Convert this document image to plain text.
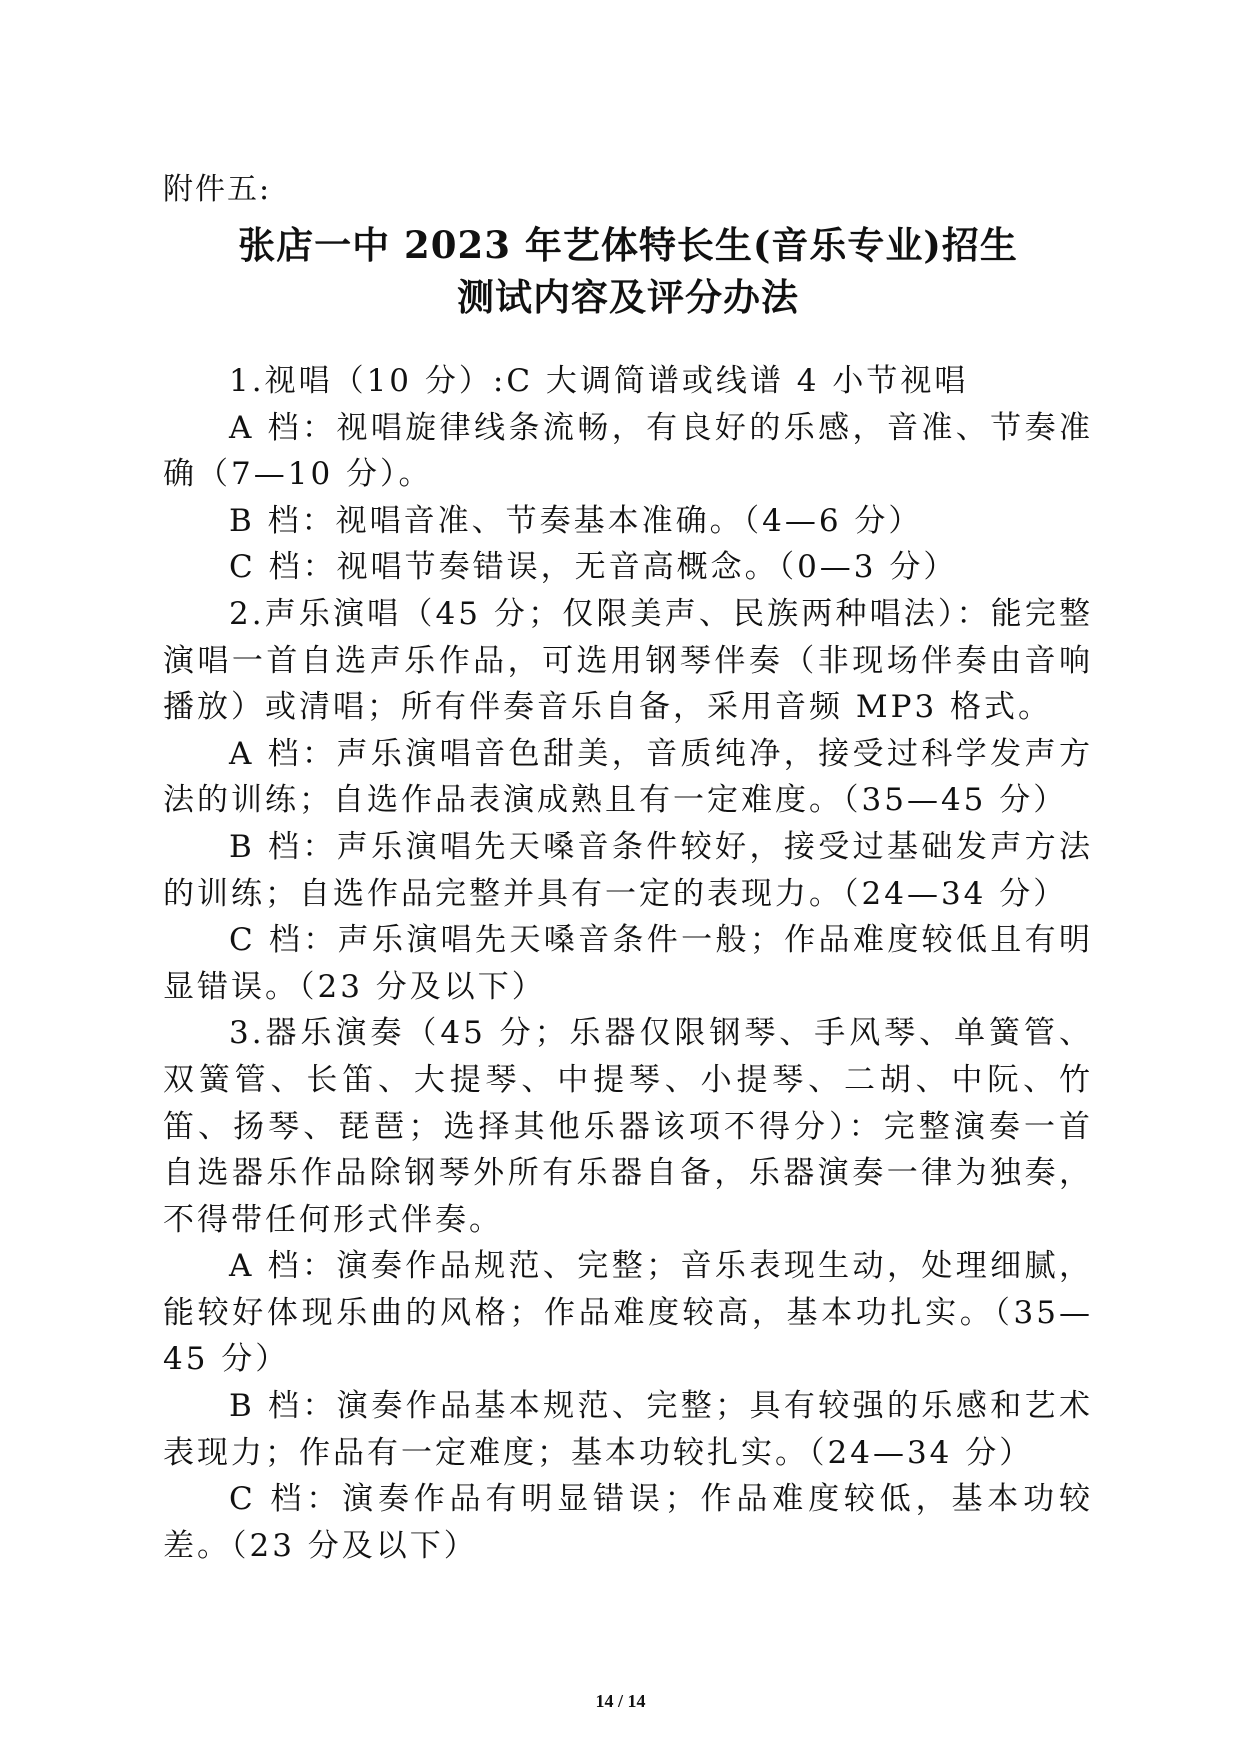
附件五:
张店一中 2023 年艺体特长生(音乐专业)招生
测试内容及评分办法

1.视唱（10 分）:C 大调简谱或线谱 4 小节视唱

A 档：视唱旋律线条流畅，有良好的乐感，音准、节奏准确（7—10 分）。

B 档：视唱音准、节奏基本准确。（4—6 分）

C 档：视唱节奏错误，无音高概念。（0—3 分）

2.声乐演唱（45 分；仅限美声、民族两种唱法）：能完整演唱一首自选声乐作品，可选用钢琴伴奏（非现场伴奏由音响播放）或清唱；所有伴奏音乐自备，采用音频 MP3 格式。

A 档：声乐演唱音色甜美，音质纯净，接受过科学发声方法的训练；自选作品表演成熟且有一定难度。（35—45 分）

B 档：声乐演唱先天嗓音条件较好，接受过基础发声方法的训练；自选作品完整并具有一定的表现力。（24—34 分）

C 档：声乐演唱先天嗓音条件一般；作品难度较低且有明显错误。（23 分及以下）

3.器乐演奏（45 分；乐器仅限钢琴、手风琴、单簧管、双簧管、长笛、大提琴、中提琴、小提琴、二胡、中阮、竹笛、扬琴、琵琶；选择其他乐器该项不得分）：完整演奏一首自选器乐作品除钢琴外所有乐器自备，乐器演奏一律为独奏，不得带任何形式伴奏。

A 档：演奏作品规范、完整；音乐表现生动，处理细腻，能较好体现乐曲的风格；作品难度较高，基本功扎实。（35—45 分）

B 档：演奏作品基本规范、完整；具有较强的乐感和艺术表现力；作品有一定难度；基本功较扎实。（24—34 分）

C 档：演奏作品有明显错误；作品难度较低，基本功较差。（23 分及以下）

14 / 14
